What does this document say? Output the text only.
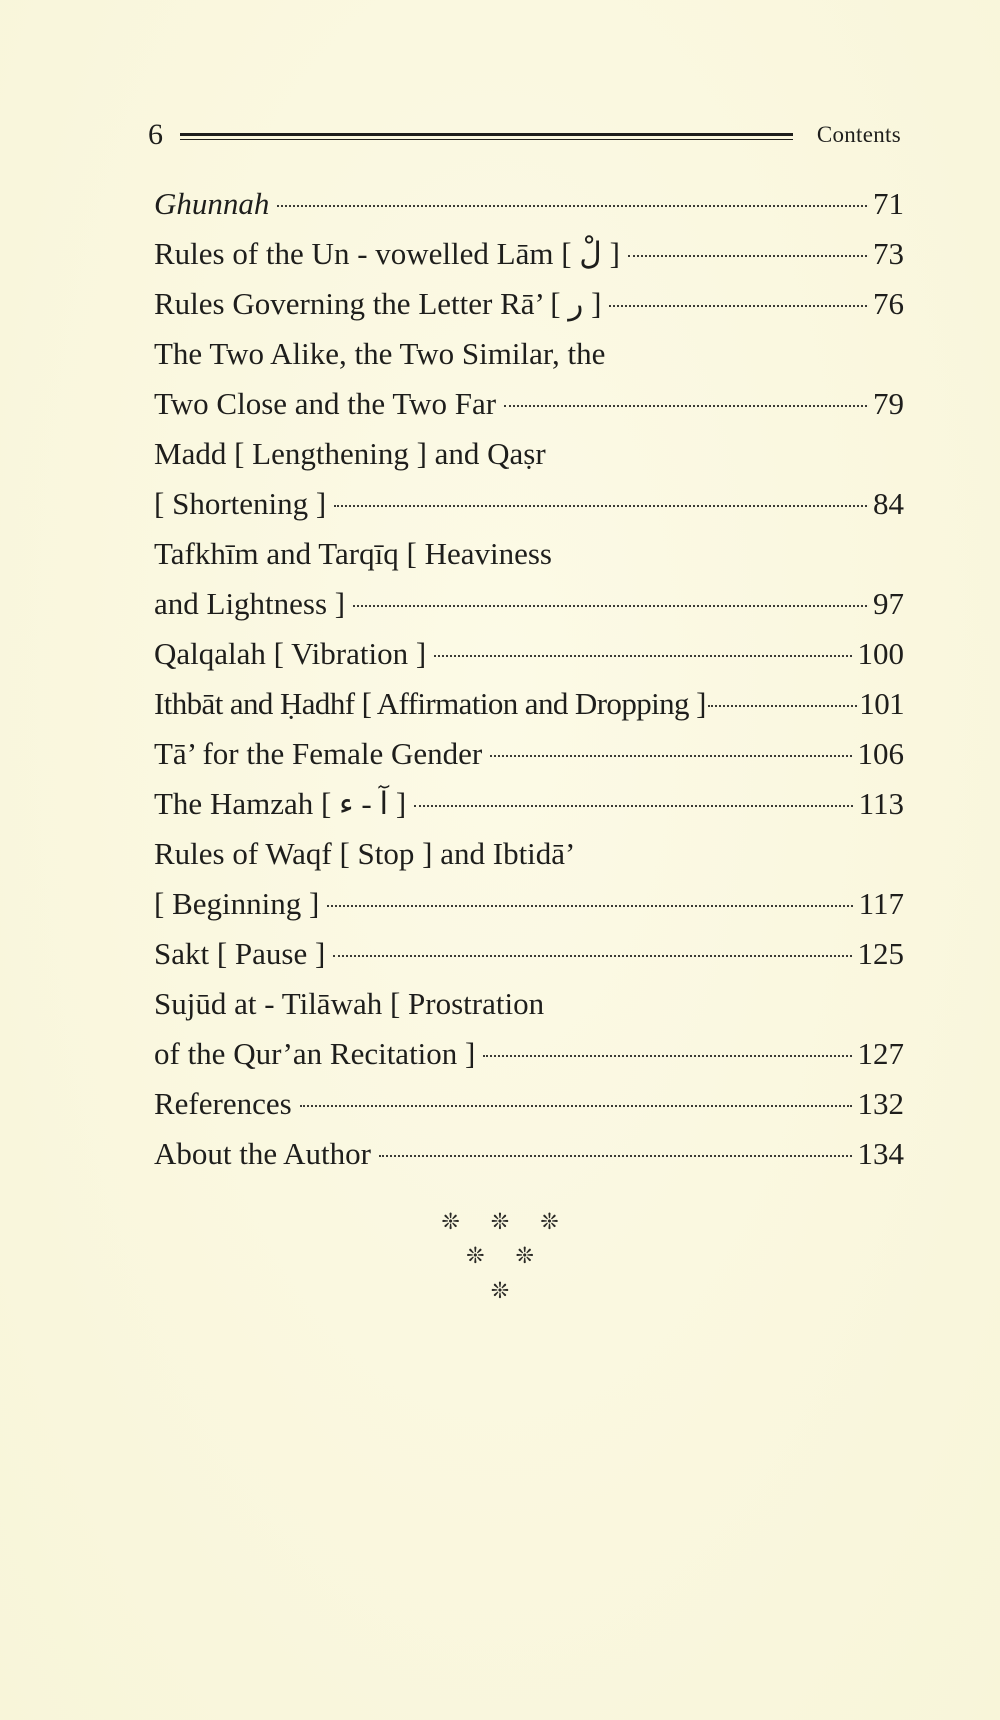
6	Contents
Ghunnah	71
Rules of the Un - vowelled Lām [ لْ ]	73
Rules Governing the Letter Rā’ [ ر ]	76
The Two Alike, the Two Similar, the
Two Close and the Two Far	79
Madd [ Lengthening ] and Qaṣr
[ Shortening ]	84
Tafkhīm and Tarqīq [ Heaviness
and Lightness ]	97
Qalqalah [ Vibration ]	100
Ithbāt and Ḥadhf [ Affirmation and Dropping ]	101
Tā’ for the Female Gender	106
The Hamzah [ آ - ء ]	113
Rules of Waqf [ Stop ] and Ibtidā’
[ Beginning ]	117
Sakt [ Pause ]	125
Sujūd at - Tilāwah [ Prostration
of the Qur’an Recitation ]	127
References	132
About the Author	134
❊ ❊ ❊
❊ ❊
❊
